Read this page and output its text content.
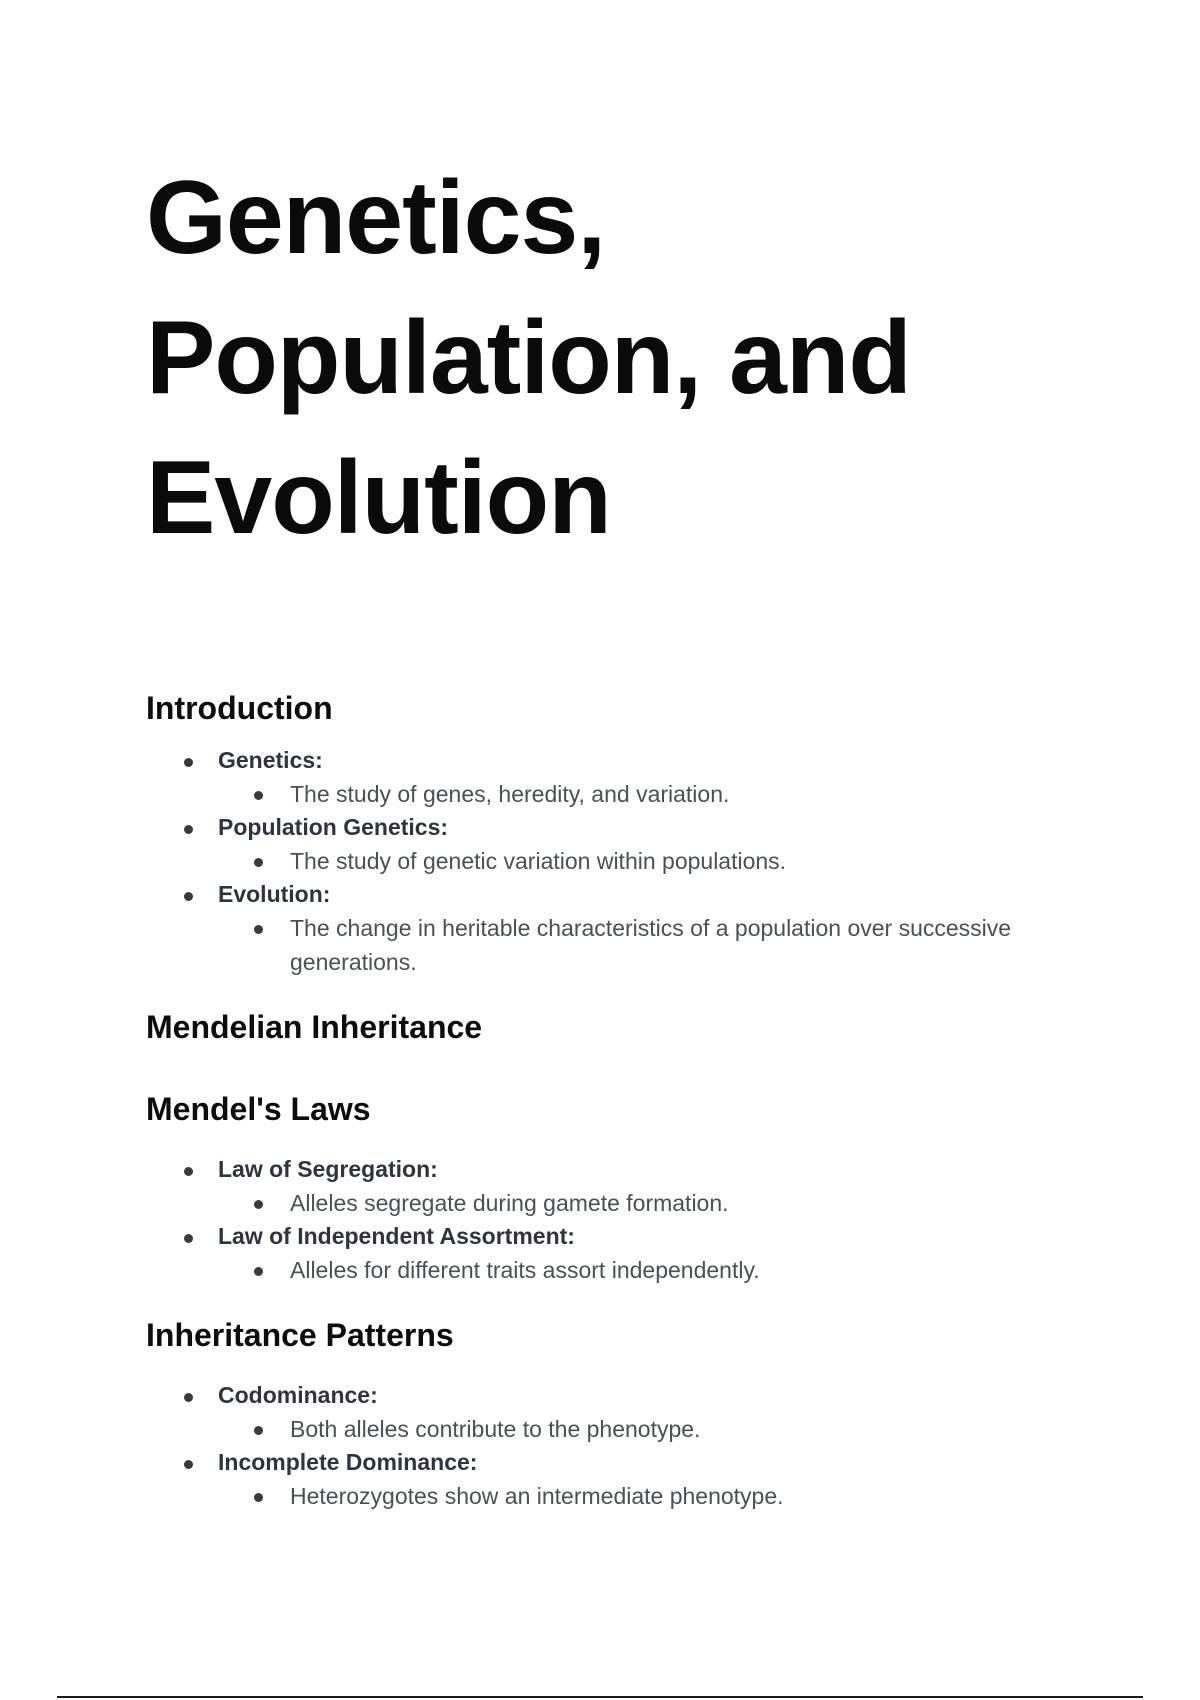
Genetics, Population, and Evolution
Introduction
Genetics:
The study of genes, heredity, and variation.
Population Genetics:
The study of genetic variation within populations.
Evolution:
The change in heritable characteristics of a population over successive generations.
Mendelian Inheritance
Mendel's Laws
Law of Segregation:
Alleles segregate during gamete formation.
Law of Independent Assortment:
Alleles for different traits assort independently.
Inheritance Patterns
Codominance:
Both alleles contribute to the phenotype.
Incomplete Dominance:
Heterozygotes show an intermediate phenotype.
